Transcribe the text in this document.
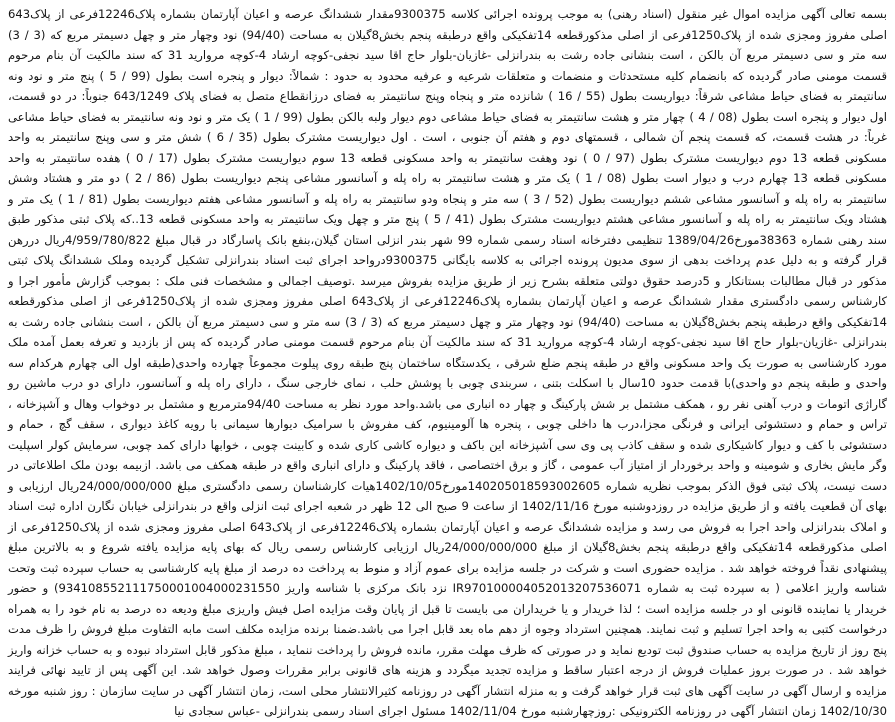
بسمه تعالی آگهی مزایده اموال غیر منقول (اسناد رهنی) به موجب پرونده اجرائی کلاسه 9300375مقدار ششدانگ عرصه و اعیان آپارتمان بشماره پلاک12246فرعی از پلاک643 اصلی مفروز ومجزی شده از پلاک1250فرعی از اصلی مذکورقطعه 14تفکیکی واقع درطبقه پنجم بخش8گیلان به مساحت (94/40) نود وچهار متر و چهل دسیمتر مربع که (3 / 3) سه متر و سی دسیمتر مربع آن بالکن ، است بنشانی جاده رشت به بندرانزلی -غازیان-بلوار حاج اقا سید نجفی-کوچه ارشاد 4-کوچه مروارید 31 که سند مالکیت آن بنام مرحوم قسمت مومنی صادر گردیده که بانضمام کلیه مستحدثات و منضمات و متعلقات شرعیه و عرفیه محدود به حدود : شمالاً: دیوار و پنجره است بطول (99 / 5 ) پنج متر و نود ونه سانتیمتر به فضای حیاط مشاعی شرقاً: دیواریست بطول (55 / 16 ) شانزده متر و پنجاه وپنج سانتیمتر به فضای درزانقطاع متصل به فضای پلاک 643/1249 جنوباً: در دو قسمت، اول دیوار و پنجره است بطول (08 / 4 ) چهار متر و هشت سانتیمتر به فضای حیاط مشاعی دوم دیوار ولبه بالکن بطول (99 / 1 ) یک متر و نود ونه سانتیمتر به فضای حیاط مشاعی غرباً: در هشت قسمت، که قسمت پنجم آن شمالی ، قسمتهای دوم و هفتم آن جنوبی ، است . اول دیواریست مشترک بطول (35 / 6 ) شش متر و سی وپنج سانتیمتر به واحد مسکونی قطعه 13 دوم دیواریست مشترک بطول (97 / 0 ) نود وهفت سانتیمتر به واحد مسکونی قطعه 13 سوم دیواریست مشترک بطول (17 / 0 ) هفده سانتیمتر به واحد مسکونی قطعه 13 چهارم درب و دیوار است بطول (08 / 1 ) یک متر و هشت سانتیمتر به راه پله و آسانسور مشاعی پنجم دیواریست بطول (86 / 2 ) دو متر و هشتاد وشش سانتیمتر به راه پله و آسانسور مشاعی ششم دیواریست بطول (52 / 3 ) سه متر و پنجاه ودو سانتیمتر به راه پله و آسانسور مشاعی هفتم دیواریست بطول (81 / 1 ) یک متر و هشتاد ویک سانتیمتر به راه پله و آسانسور مشاعی هشتم دیواریست مشترک بطول (41 / 5 ) پنج متر و چهل ویک سانتیمتر به واحد مسکونی قطعه 13..که پلاک ثبتی مذکور طبق سند رهنی شماره 38363مورخ1389/04/26 تنظیمی دفترخانه اسناد رسمی شماره 99 شهر بندر انزلی استان گیلان،بنفع بانک پاسارگاد در قبال مبلغ 4/959/780/822ریال دررهن قرار گرفته و به دلیل عدم پرداخت بدهی از سوی مدیون پرونده اجرائی به کلاسه بایگانی 9300375درواحد اجرای ثبت اسناد بندرانزلی تشکیل گردیده وملک ششدانگ پلاک ثبتی مذکور در قبال مطالبات بستانکار و 5درصد حقوق دولتی متعلقه بشرح زیر از طریق مزایده بفروش میرسد .توصیف اجمالی و مشخصات فنی ملک : بموجب گزارش مأمور اجرا و کارشناس رسمی دادگستری مقدار ششدانگ عرصه و اعیان آپارتمان بشماره پلاک12246فرعی از پلاک643 اصلی مفروز ومجزی شده از پلاک1250فرعی از اصلی مذکورقطعه 14تفکیکی واقع درطبقه پنجم بخش8گیلان به مساحت (94/40) نود وچهار متر و چهل دسیمتر مربع که (3 / 3) سه متر و سی دسیمتر مربع آن بالکن ، است بنشانی جاده رشت به بندرانزلی -غازیان-بلوار حاج اقا سید نجفی-کوچه ارشاد 4-کوچه مروارید 31 که سند مالکیت آن بنام مرحوم قسمت مومنی صادر گردیده که پس از بازدید و تعرفه بعمل آمده ملک مورد کارشناسی به صورت یک واحد مسکونی واقع در طبقه پنجم ضلع شرقی ، یکدستگاه ساختمان پنج طبقه روی پیلوت مجموعاً چهارده واحدی(طبقه اول الی چهارم هرکدام سه واحدی و طبقه پنجم دو واحدی)با قدمت حدود 10سال با اسکلت بتنی ، سربندی چوبی با پوشش حلب ، نمای خارجی سنگ ، دارای راه پله و آسانسور، دارای دو درب ماشین رو گاراژی اتومات و درب آهنی نفر رو ، همکف مشتمل بر شش پارکینگ و چهار ده انباری می باشد.واحد مورد نظر به مساحت 94/40مترمربع و مشتمل بر دوخواب وهال و آشپزخانه ، تراس و حمام و دستشوئی ایرانی و فرنگی مجزا،درب ها داخلی چوبی ، پنجره ها آلومینیوم، کف مفروش با سرامیک دیوارها سیمانی با رویه کاغذ دیواری ، سقف گچ ، حمام و دستشوئی با کف و دیوار کاشیکاری شده و سقف کاذب پی وی سی آشپزخانه این باکف و دیواره کاشی کاری شده و کابینت چوبی ، خوابها دارای کمد چوبی، سرمایش کولر اسپلیت وگر مایش بخاری و شومینه و واحد برخوردار از امتیاز آب عمومی ، گاز و برق اختصاصی ، فاقد پارکینگ و دارای انباری واقع در طبقه همکف می باشد. ازبیمه بودن ملک اطلاعاتی در دست نیست، پلاک ثبتی فوق الذکر بموجب نظریه شماره 140205018593002605مورخ1402/10/05هیات کارشناسان رسمی دادگستری مبلغ 24/000/000/000ریال ارزیابی و بهای آن قطعیت یافته و از طریق مزایده در روزدوشنبه مورخ 1402/11/16 از ساعت 9 صبح الی 12 ظهر در شعبه اجرای ثبت انزلی واقع در بندرانزلی خیابان نگارن اداره ثبت اسناد و املاک بندرانزلی واحد اجرا به فروش می رسد و مزایده ششدانگ عرصه و اعیان آپارتمان بشماره پلاک12246فرعی از پلاک643 اصلی مفروز ومجزی شده از پلاک1250فرعی از اصلی مذکورقطعه 14تفکیکی واقع درطبقه پنجم بخش8گیلان از مبلغ 24/000/000/000ریال ارزیابی کارشناس رسمی ریال که بهای پایه مزایده یافته شروع و به بالاترین مبلغ پیشنهادی نقداً فروخته خواهد شد . مزایده حضوری است و شرکت در جلسه مزایده برای عموم آزاد و منوط به پرداخت ده درصد از مبلغ پایه کارشناسی به حساب سپرده ثبت وتحت شناسه واریز اعلامی ( به سپرده ثبت به شماره IR970100004052013207536071 نزد بانک مرکزی با شناسه واریز 934108552111750001004000231550) و حضور خریدار یا نماینده قانونی او در جلسه مزایده است ؛ لذا خریدار و یا خریداران می بایست تا قبل از پایان وقت مزایده اصل فیش واریزی مبلغ ودیعه ده درصد به نام خود را به همراه درخواست کتبی به واحد اجرا تسلیم و ثبت نمایند. همچنین استرداد وجوه از دهم ماه بعد قابل اجرا می باشد.ضمنا برنده مزایده مکلف است مابه التفاوت مبلغ فروش را ظرف مدت پنج روز از تاریخ مزایده به حساب صندوق ثبت تودیع نماید و در صورتی که ظرف مهلت مقرر، مانده فروش را پرداخت ننماید ، مبلغ مذکور قابل استرداد نبوده و به حساب خزانه واریز خواهد شد . در صورت بروز عملیات فروش از درجه اعتبار ساقط و مزایده تجدید میگردد و هزینه های قانونی برابر مقررات وصول خواهد شد. این آگهی پس از تایید نهائی فرایند مزایده و ارسال آگهی در سایت آگهی های ثبت قرار خواهد گرفت و به منزله انتشار آگهی در روزنامه کثیرالانتشار محلی است، زمان انتشار آگهی در سایت سازمان : روز شنبه مورخه 1402/10/30 زمان انتشار آگهی در روزنامه الکترونیکی :روزچهارشنبه مورخ 1402/11/04 مسئول اجرای اسناد رسمی بندرانزلی -عباس سجادی نیا
